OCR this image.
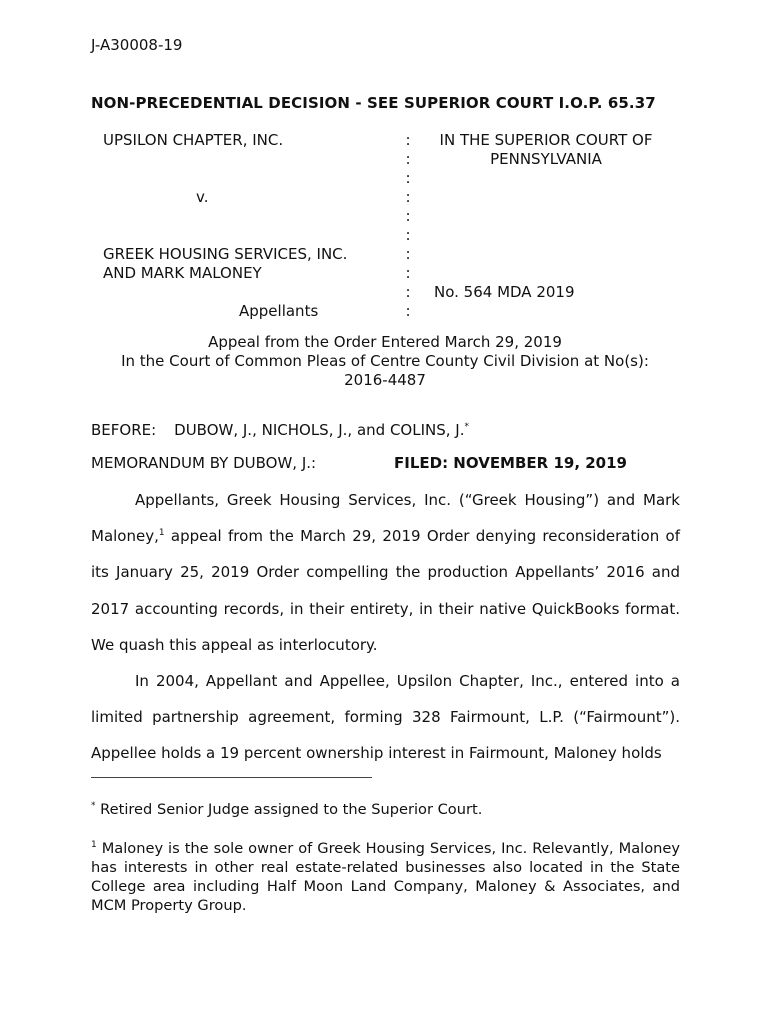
J-A30008-19
NON-PRECEDENTIAL DECISION - SEE SUPERIOR COURT I.O.P. 65.37
UPSILON CHAPTER, INC.
v.
GREEK HOUSING SERVICES, INC.
AND MARK MALONEY
Appellants
:
:
:
:
:
:
:
:
:
:
IN THE SUPERIOR COURT OF
PENNSYLVANIA
No. 564 MDA 2019
Appeal from the Order Entered March 29, 2019
In the Court of Common Pleas of Centre County Civil Division at No(s):
2016-4487
BEFORE: DUBOW, J., NICHOLS, J., and COLINS, J.*
MEMORANDUM BY DUBOW, J.:	FILED: NOVEMBER 19, 2019

Appellants, Greek Housing Services, Inc. (“Greek Housing”) and Mark Maloney,$^1$ appeal from the March 29, 2019 Order denying reconsideration of its January 25, 2019 Order compelling the production Appellants’ 2016 and 2017 accounting records, in their entirety, in their native QuickBooks format. We quash this appeal as interlocutory.

In 2004, Appellant and Appellee, Upsilon Chapter, Inc., entered into a limited partnership agreement, forming 328 Fairmount, L.P. (“Fairmount”). Appellee holds a 19 percent ownership interest in Fairmount, Maloney holds

* Retired Senior Judge assigned to the Superior Court.

$^1$ Maloney is the sole owner of Greek Housing Services, Inc. Relevantly, Maloney has interests in other real estate-related businesses also located in the State College area including Half Moon Land Company, Maloney & Associates, and MCM Property Group.
